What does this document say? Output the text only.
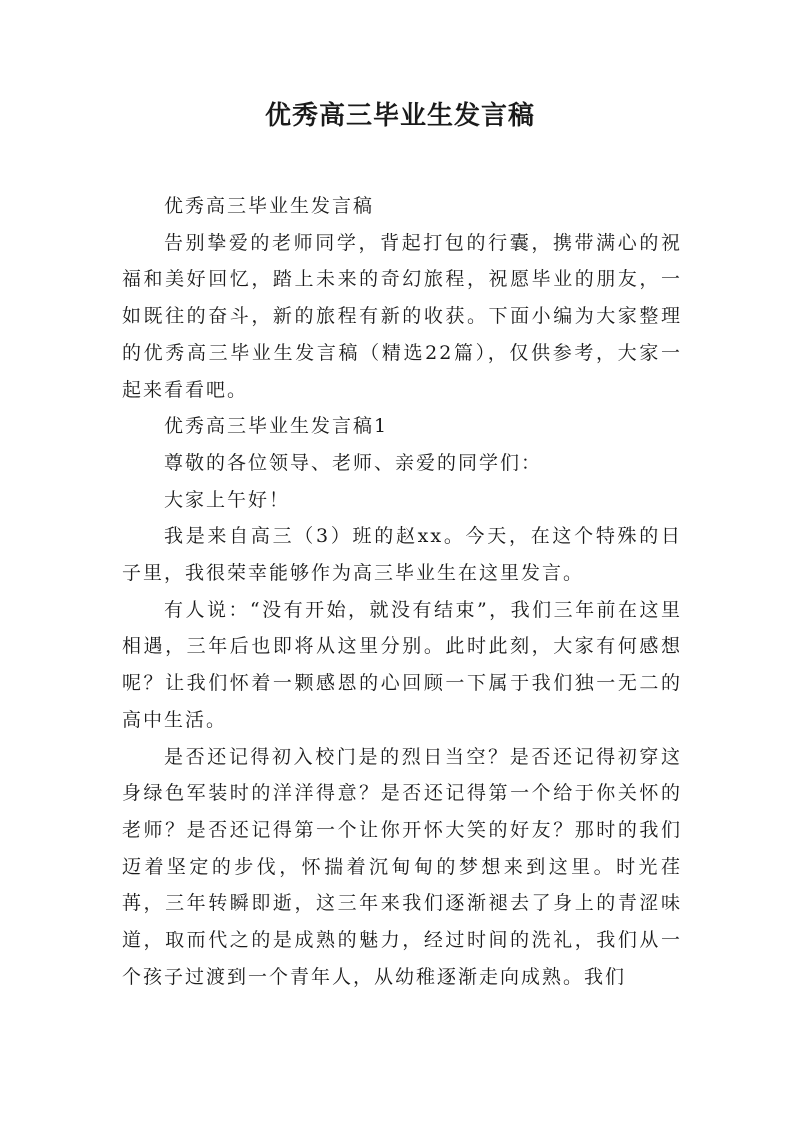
优秀高三毕业生发言稿

优秀高三毕业生发言稿

告别挚爱的老师同学，背起打包的行囊，携带满心的祝福和美好回忆，踏上未来的奇幻旅程，祝愿毕业的朋友，一如既往的奋斗，新的旅程有新的收获。下面小编为大家整理的优秀高三毕业生发言稿（精选22篇），仅供参考，大家一起来看看吧。

优秀高三毕业生发言稿1

尊敬的各位领导、老师、亲爱的同学们：

大家上午好！

我是来自高三（3）班的赵xx。今天，在这个特殊的日子里，我很荣幸能够作为高三毕业生在这里发言。

有人说：“没有开始，就没有结束”，我们三年前在这里相遇，三年后也即将从这里分别。此时此刻，大家有何感想呢？让我们怀着一颗感恩的心回顾一下属于我们独一无二的高中生活。

是否还记得初入校门是的烈日当空？是否还记得初穿这身绿色军装时的洋洋得意？是否还记得第一个给于你关怀的老师？是否还记得第一个让你开怀大笑的好友？那时的我们迈着坚定的步伐，怀揣着沉甸甸的梦想来到这里。时光荏苒，三年转瞬即逝，这三年来我们逐渐褪去了身上的青涩味道，取而代之的是成熟的魅力，经过时间的洗礼，我们从一个孩子过渡到一个青年人，从幼稚逐渐走向成熟。我们
